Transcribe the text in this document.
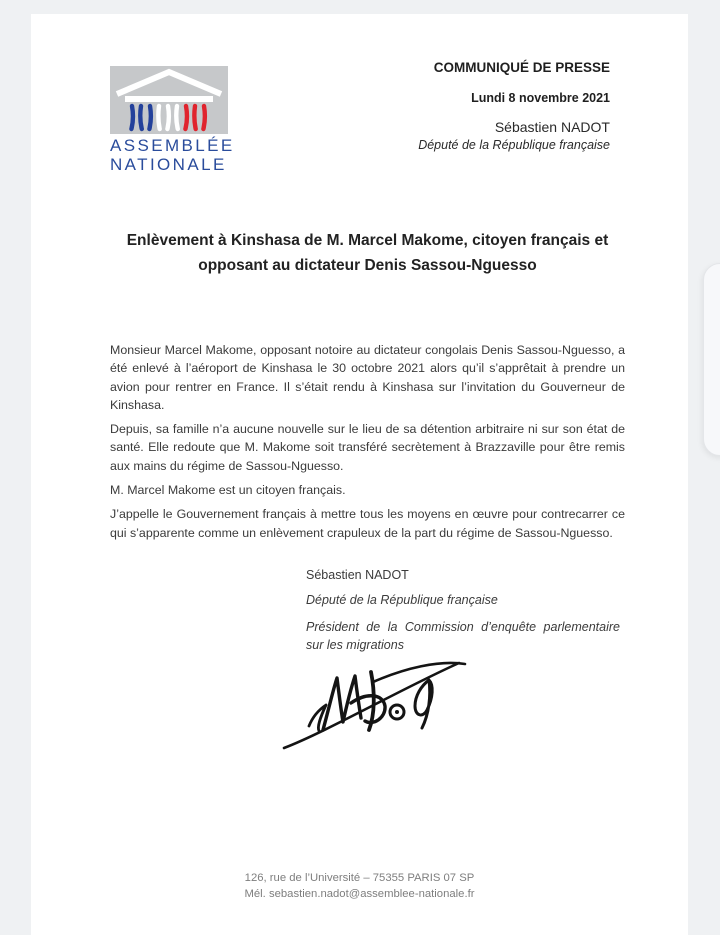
ASSEMBLÉE
NATIONALE
COMMUNIQUÉ DE PRESSE
Lundi 8 novembre 2021
Sébastien NADOT
Député de la République française
Enlèvement à Kinshasa de M. Marcel Makome, citoyen français et opposant au dictateur Denis Sassou-Nguesso

Monsieur Marcel Makome, opposant notoire au dictateur congolais Denis Sassou-Nguesso, a été enlevé à l’aéroport de Kinshasa le 30 octobre 2021 alors qu’il s’apprêtait à prendre un avion pour rentrer en France. Il s’était rendu à Kinshasa sur l’invitation du Gouverneur de Kinshasa.

Depuis, sa famille n’a aucune nouvelle sur le lieu de sa détention arbitraire ni sur son état de santé. Elle redoute que M. Makome soit transféré secrètement à Brazzaville pour être remis aux mains du régime de Sassou-Nguesso.

M. Marcel Makome est un citoyen français.

J’appelle le Gouvernement français à mettre tous les moyens en œuvre pour contrecarrer ce qui s’apparente comme un enlèvement crapuleux de la part du régime de Sassou-Nguesso.

Sébastien NADOT
Député de la République française
Président de la Commission d’enquête parlementaire sur les migrations
126, rue de l’Université – 75355 PARIS 07 SP
Mél. sebastien.nadot@assemblee-nationale.fr
